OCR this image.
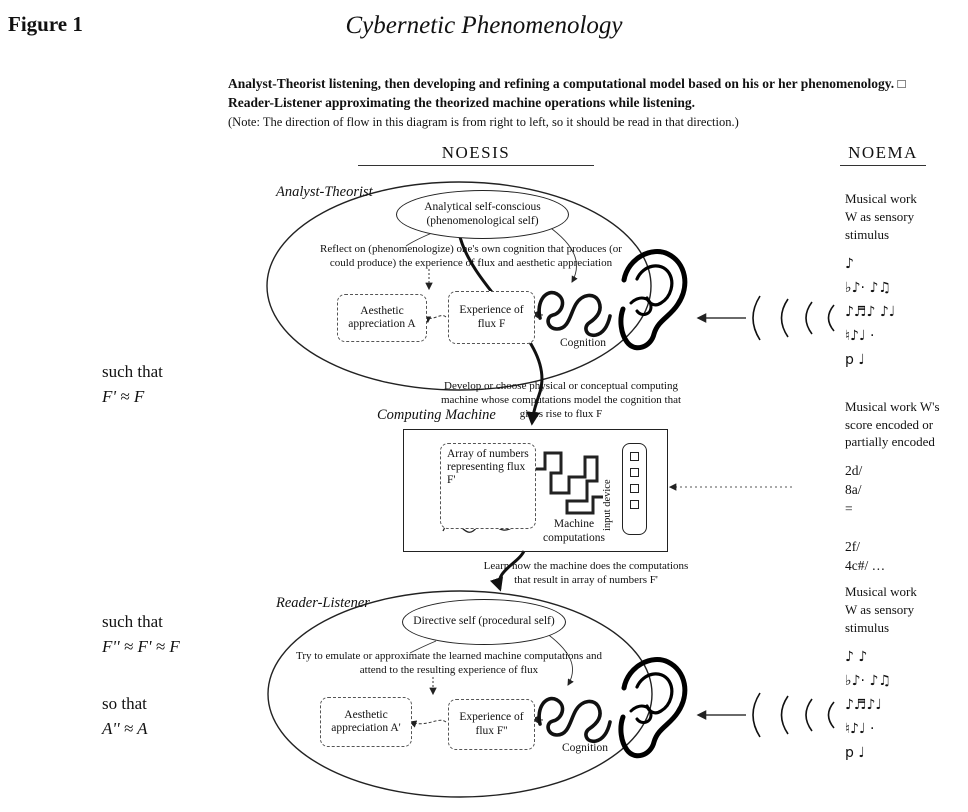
Figure 1	Cybernetic Phenomenology
Analyst-Theorist listening, then developing and refining a computational model based on his or her phenomenology. □
Reader-Listener approximating the theorized machine operations while listening.
(Note: The direction of flow in this diagram is from right to left, so it should be read in that direction.)
NOESIS	NOEMA
Analyst-Theorist
Analytical self-conscious (phenomenological self)
Reflect on (phenomenologize) one's own cognition that produces (or could produce) the experience of flux and aesthetic appreciation
Aesthetic appreciation A
Experience of flux F
Cognition
such that
F' ≈ F
such that
F'' ≈ F' ≈ F
so that
A'' ≈ A
Develop or choose physical or conceptual computing machine whose computations model the cognition that gives rise to flux F
Learn how the machine does the computations that result in array of numbers F'
Computing Machine
Array of numbers representing flux F'
Machine computations
input device
Reader-Listener
Directive self (procedural self)
Try to emulate or approximate the learned machine computations and attend to the resulting experience of flux
Aesthetic appreciation A'
Experience of flux F''
Cognition
Musical work W as sensory stimulus
♪
♭♪· ♪♫
♪♬♪ ♪♩
♮♪♩ ·
p ♩
Musical work W's score encoded or partially encoded
2d/
8a/
=
2f/
4c#/ …
Musical work W as sensory stimulus
♪ ♪
♭♪· ♪♫
♪♬♪♩
♮♪♩ ·
p ♩
